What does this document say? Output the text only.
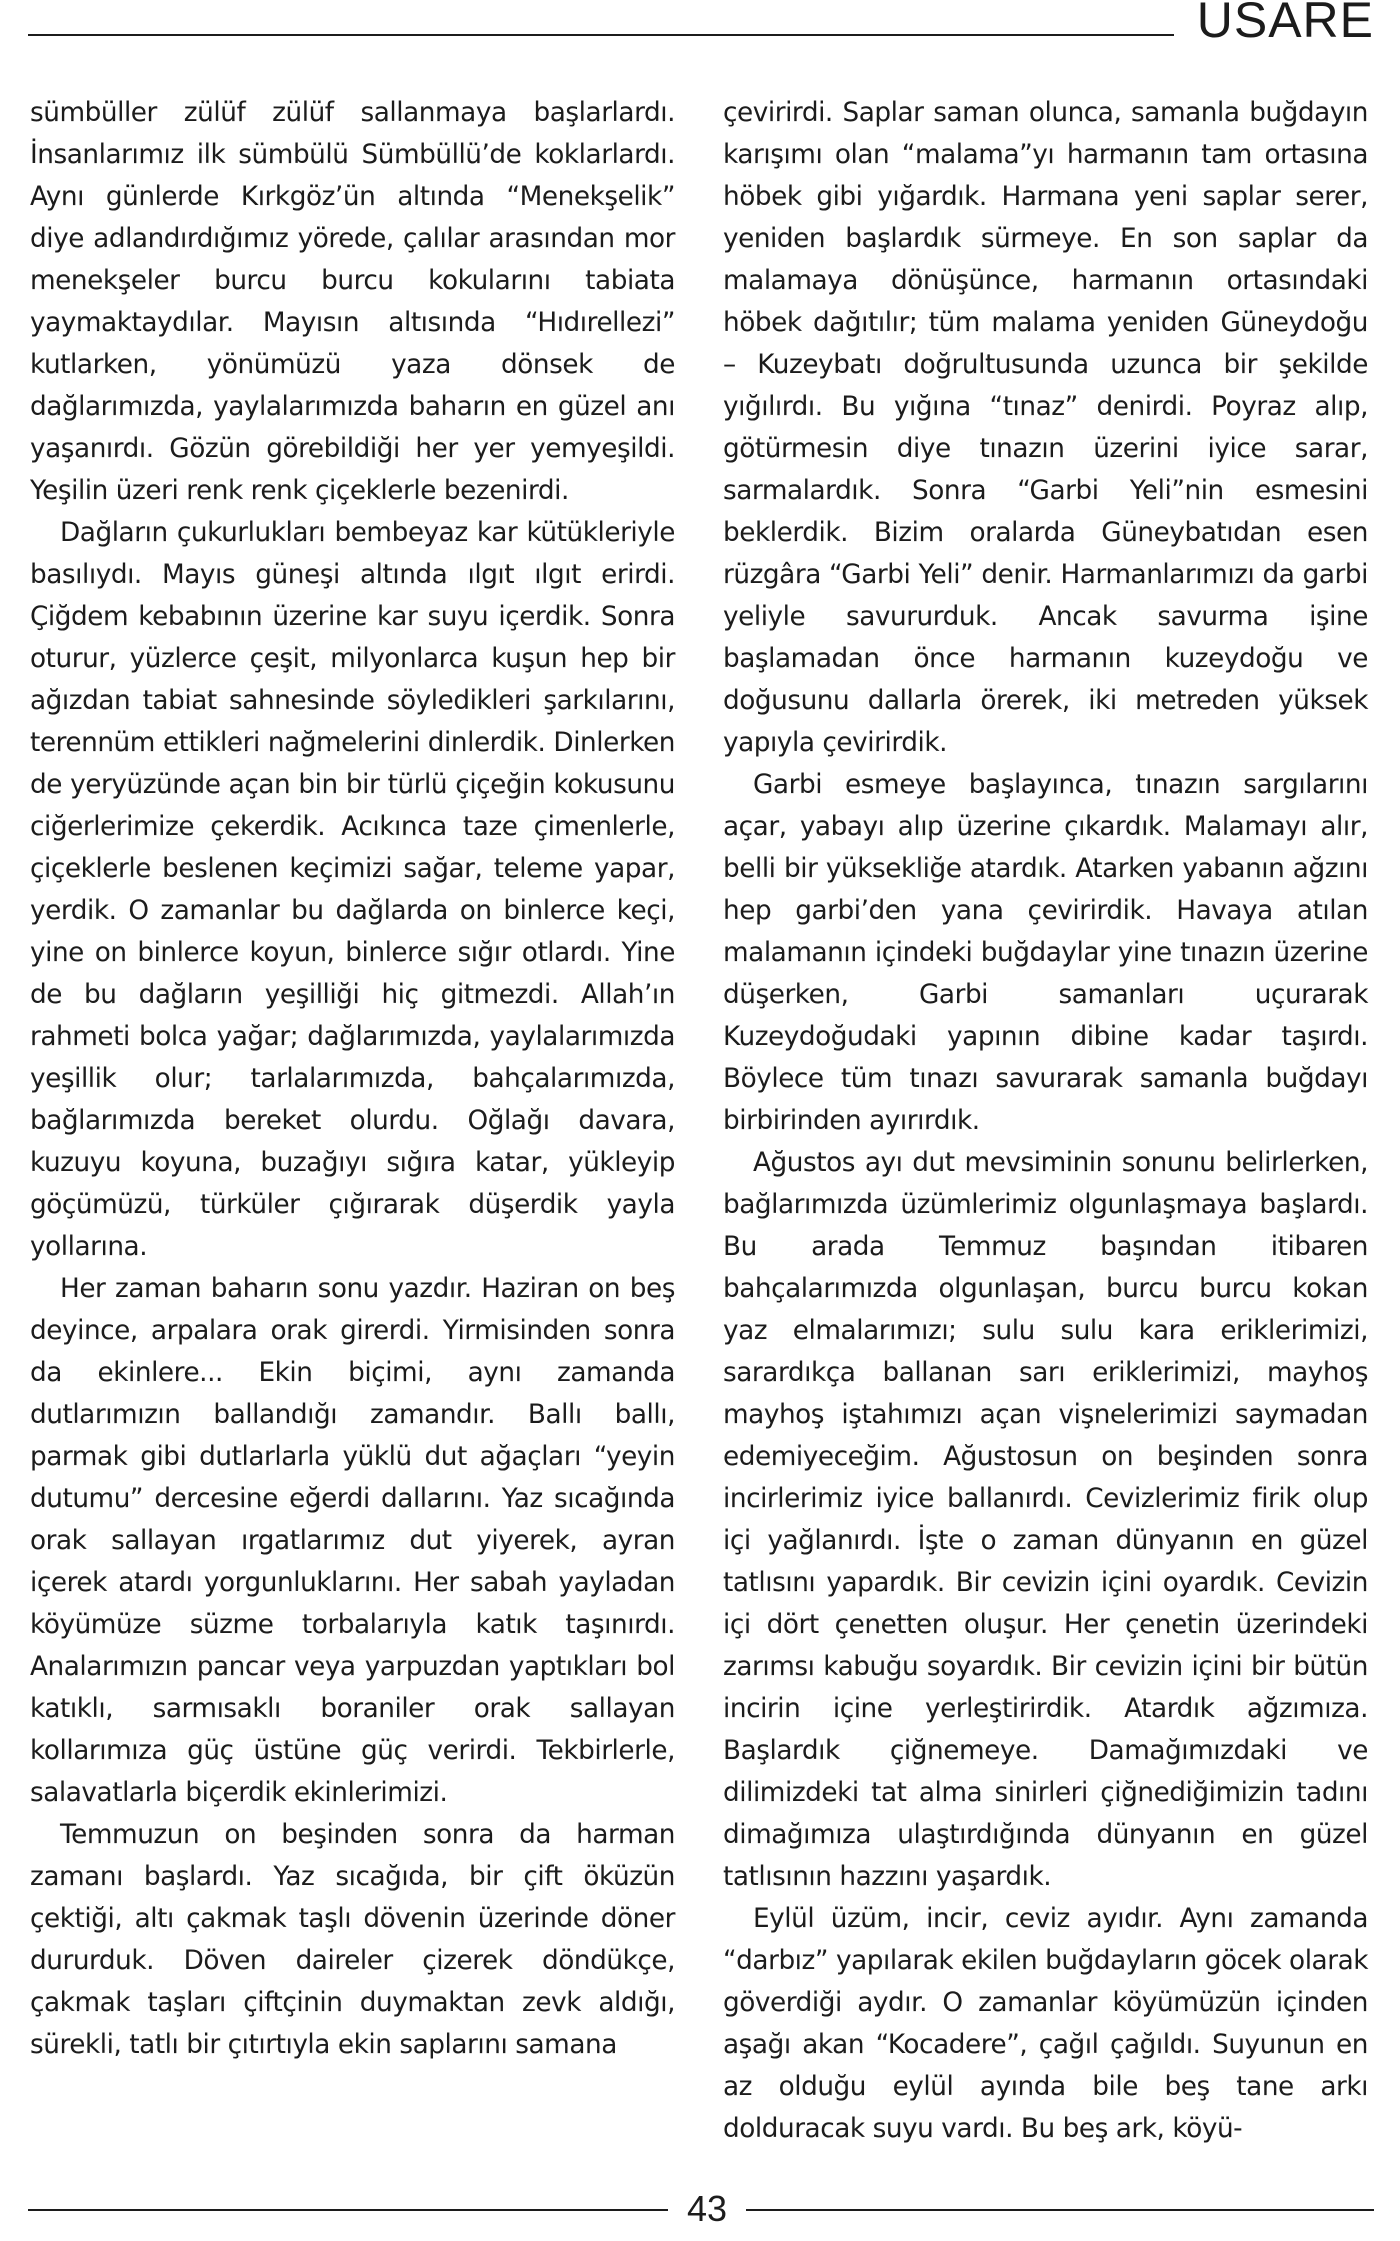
USARE

sümbüller zülüf zülüf sallanmaya başlarlardı. İnsanlarımız ilk sümbülü Sümbüllü’de koklarlardı. Aynı günlerde Kırkgöz’ün altında “Menekşelik” diye adlandırdığımız yörede, çalılar arasından mor menekşeler burcu burcu kokularını tabiata yaymaktaydılar. Mayısın altısında “Hıdırellezi” kutlarken, yönümüzü yaza dönsek de dağlarımızda, yaylalarımızda baharın en güzel anı yaşanırdı. Gözün görebildiği her yer yemyeşildi. Yeşilin üzeri renk renk çiçeklerle bezenirdi.

Dağların çukurlukları bembeyaz kar kütükleriyle basılıydı. Mayıs güneşi altında ılgıt ılgıt erirdi. Çiğdem kebabının üzerine kar suyu içerdik. Sonra oturur, yüzlerce çeşit, milyonlarca kuşun hep bir ağızdan tabiat sahnesinde söyledikleri şarkılarını, terennüm ettikleri nağmelerini dinlerdik. Dinlerken de yeryüzünde açan bin bir türlü çiçeğin kokusunu ciğerlerimize çekerdik. Acıkınca taze çimenlerle, çiçeklerle beslenen keçimizi sağar, teleme yapar, yerdik. O zamanlar bu dağlarda on binlerce keçi, yine on binlerce koyun, binlerce sığır otlardı. Yine de bu dağların yeşilliği hiç gitmezdi. Allah’ın rahmeti bolca yağar; dağlarımızda, yaylalarımızda yeşillik olur; tarlalarımızda, bahçalarımızda, bağlarımızda bereket olurdu. Oğlağı davara, kuzuyu koyuna, buzağıyı sığıra katar, yükleyip göçümüzü, türküler çığırarak düşerdik yayla yollarına.

Her zaman baharın sonu yazdır. Haziran on beş deyince, arpalara orak girerdi. Yirmisinden sonra da ekinlere... Ekin biçimi, aynı zamanda dutlarımızın ballandığı zamandır. Ballı ballı, parmak gibi dutlarlarla yüklü dut ağaçları “yeyin dutumu” dercesine eğerdi dallarını. Yaz sıcağında orak sallayan ırgatlarımız dut yiyerek, ayran içerek atardı yorgunluklarını. Her sabah yayladan köyümüze süzme torbalarıyla katık taşınırdı. Analarımızın pancar veya yarpuzdan yaptıkları bol katıklı, sarmısaklı boraniler orak sallayan kollarımıza güç üstüne güç verirdi. Tekbirlerle, salavatlarla biçerdik ekinlerimizi.

Temmuzun on beşinden sonra da harman zamanı başlardı. Yaz sıcağıda, bir çift öküzün çektiği, altı çakmak taşlı dövenin üzerinde döner dururduk. Döven daireler çizerek döndükçe, çakmak taşları çiftçinin duymaktan zevk aldığı, sürekli, tatlı bir çıtırtıyla ekin saplarını samana

çevirirdi. Saplar saman olunca, samanla buğdayın karışımı olan “malama”yı harmanın tam ortasına höbek gibi yığardık. Harmana yeni saplar serer, yeniden başlardık sürmeye. En son saplar da malamaya dönüşünce, harmanın ortasındaki höbek dağıtılır; tüm malama yeniden Güneydoğu – Kuzeybatı doğrultusunda uzunca bir şekilde yığılırdı. Bu yığına “tınaz” denirdi. Poyraz alıp, götürmesin diye tınazın üzerini iyice sarar, sarmalardık. Sonra “Garbi Yeli”nin esmesini beklerdik. Bizim oralarda Güneybatıdan esen rüzgâra “Garbi Yeli” denir. Harmanlarımızı da garbi yeliyle savururduk. Ancak savurma işine başlamadan önce harmanın kuzeydoğu ve doğusunu dallarla örerek, iki metreden yüksek yapıyla çevirirdik.

Garbi esmeye başlayınca, tınazın sargılarını açar, yabayı alıp üzerine çıkardık. Malamayı alır, belli bir yüksekliğe atardık. Atarken yabanın ağzını hep garbi’den yana çevirirdik. Havaya atılan malamanın içindeki buğdaylar yine tınazın üzerine düşerken, Garbi samanları uçurarak Kuzeydoğudaki yapının dibine kadar taşırdı. Böylece tüm tınazı savurarak samanla buğdayı birbirinden ayırırdık.

Ağustos ayı dut mevsiminin sonunu belirlerken, bağlarımızda üzümlerimiz olgunlaşmaya başlardı. Bu arada Temmuz başından itibaren bahçalarımızda olgunlaşan, burcu burcu kokan yaz elmalarımızı; sulu sulu kara eriklerimizi, sarardıkça ballanan sarı eriklerimizi, mayhoş mayhoş iştahımızı açan vişnelerimizi saymadan edemiyeceğim. Ağustosun on beşinden sonra incirlerimiz iyice ballanırdı. Cevizlerimiz firik olup içi yağlanırdı. İşte o zaman dünyanın en güzel tatlısını yapardık. Bir cevizin içini oyardık. Cevizin içi dört çenetten oluşur. Her çenetin üzerindeki zarımsı kabuğu soyardık. Bir cevizin içini bir bütün incirin içine yerleştirirdik. Atardık ağzımıza. Başlardık çiğnemeye. Damağımızdaki ve dilimizdeki tat alma sinirleri çiğnediğimizin tadını dimağımıza ulaştırdığında dünyanın en güzel tatlısının hazzını yaşardık.

Eylül üzüm, incir, ceviz ayıdır. Aynı zamanda “darbız” yapılarak ekilen buğdayların göcek olarak göverdiği aydır. O zamanlar köyümüzün içinden aşağı akan “Kocadere”, çağıl çağıldı. Suyunun en az olduğu eylül ayında bile beş tane arkı dolduracak suyu vardı. Bu beş ark, köyü-

43
